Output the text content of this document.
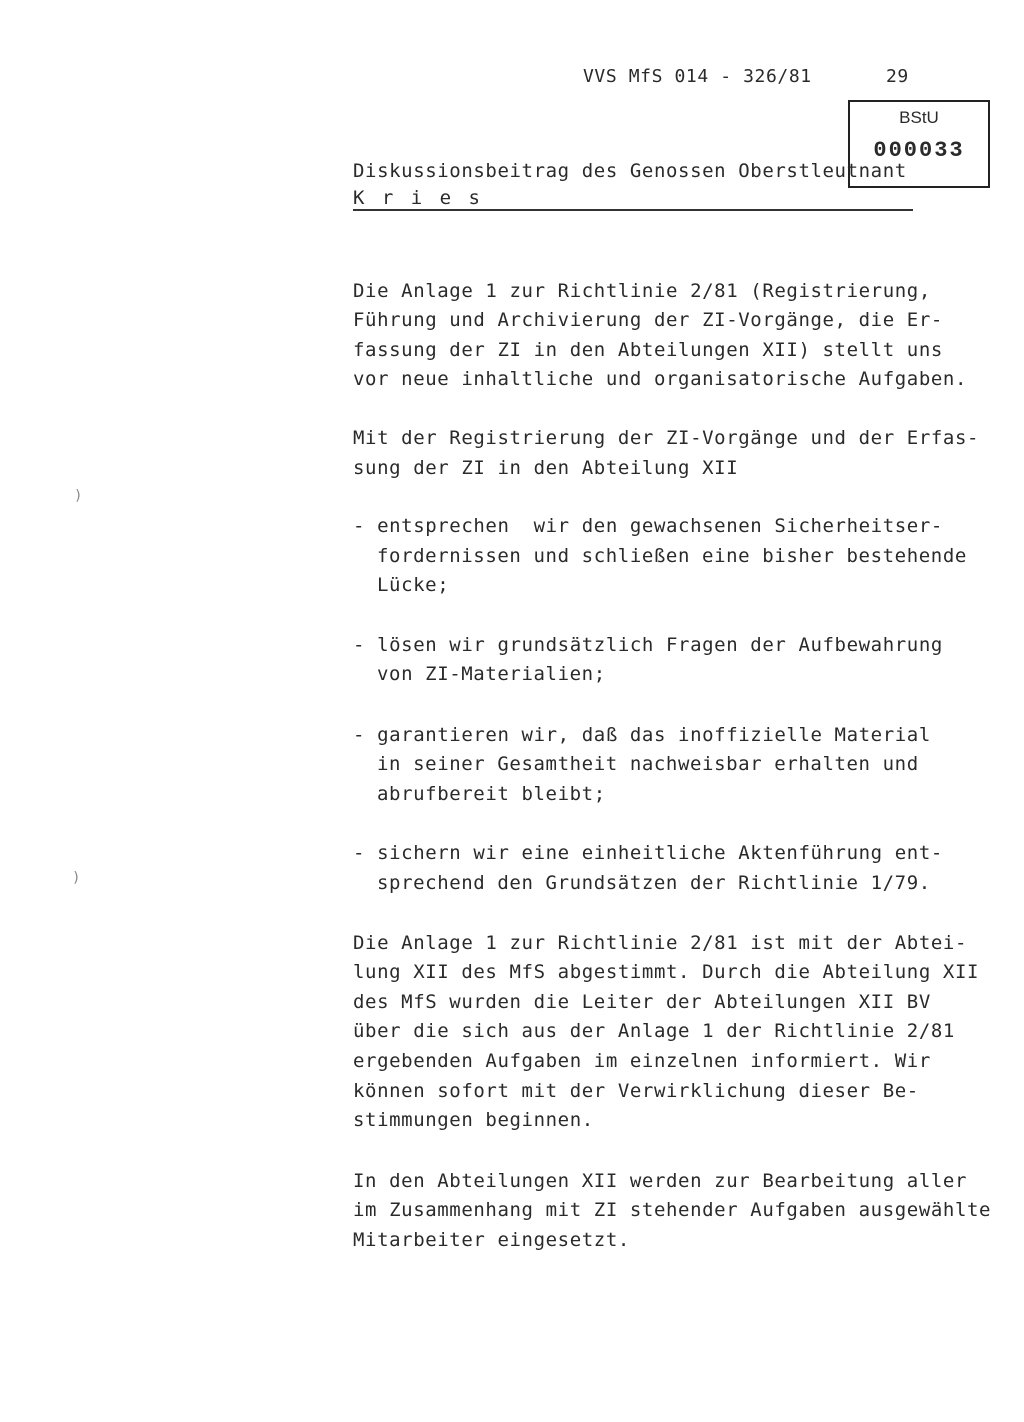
VVS MfS 014 - 326/81	29
BStU
000033
Diskussionsbeitrag des Genossen Oberstleutnant
K r i e s
Die Anlage 1 zur Richtlinie 2/81 (Registrierung,
Führung und Archivierung der ZI-Vorgänge, die Er-
fassung der ZI in den Abteilungen XII) stellt uns
vor neue inhaltliche und organisatorische Aufgaben.
Mit der Registrierung der ZI-Vorgänge und der Erfas-
sung der ZI in den Abteilung XII
- entsprechen  wir den gewachsenen Sicherheitser-
fordernissen und schließen eine bisher bestehende
Lücke;
- lösen wir grundsätzlich Fragen der Aufbewahrung
von ZI-Materialien;
- garantieren wir, daß das inoffizielle Material
in seiner Gesamtheit nachweisbar erhalten und
abrufbereit bleibt;
- sichern wir eine einheitliche Aktenführung ent-
sprechend den Grundsätzen der Richtlinie 1/79.
Die Anlage 1 zur Richtlinie 2/81 ist mit der Abtei-
lung XII des MfS abgestimmt. Durch die Abteilung XII
des MfS wurden die Leiter der Abteilungen XII BV
über die sich aus der Anlage 1 der Richtlinie 2/81
ergebenden Aufgaben im einzelnen informiert. Wir
können sofort mit der Verwirklichung dieser Be-
stimmungen beginnen.
In den Abteilungen XII werden zur Bearbeitung aller
im Zusammenhang mit ZI stehender Aufgaben ausgewählte
Mitarbeiter eingesetzt.
)
)
